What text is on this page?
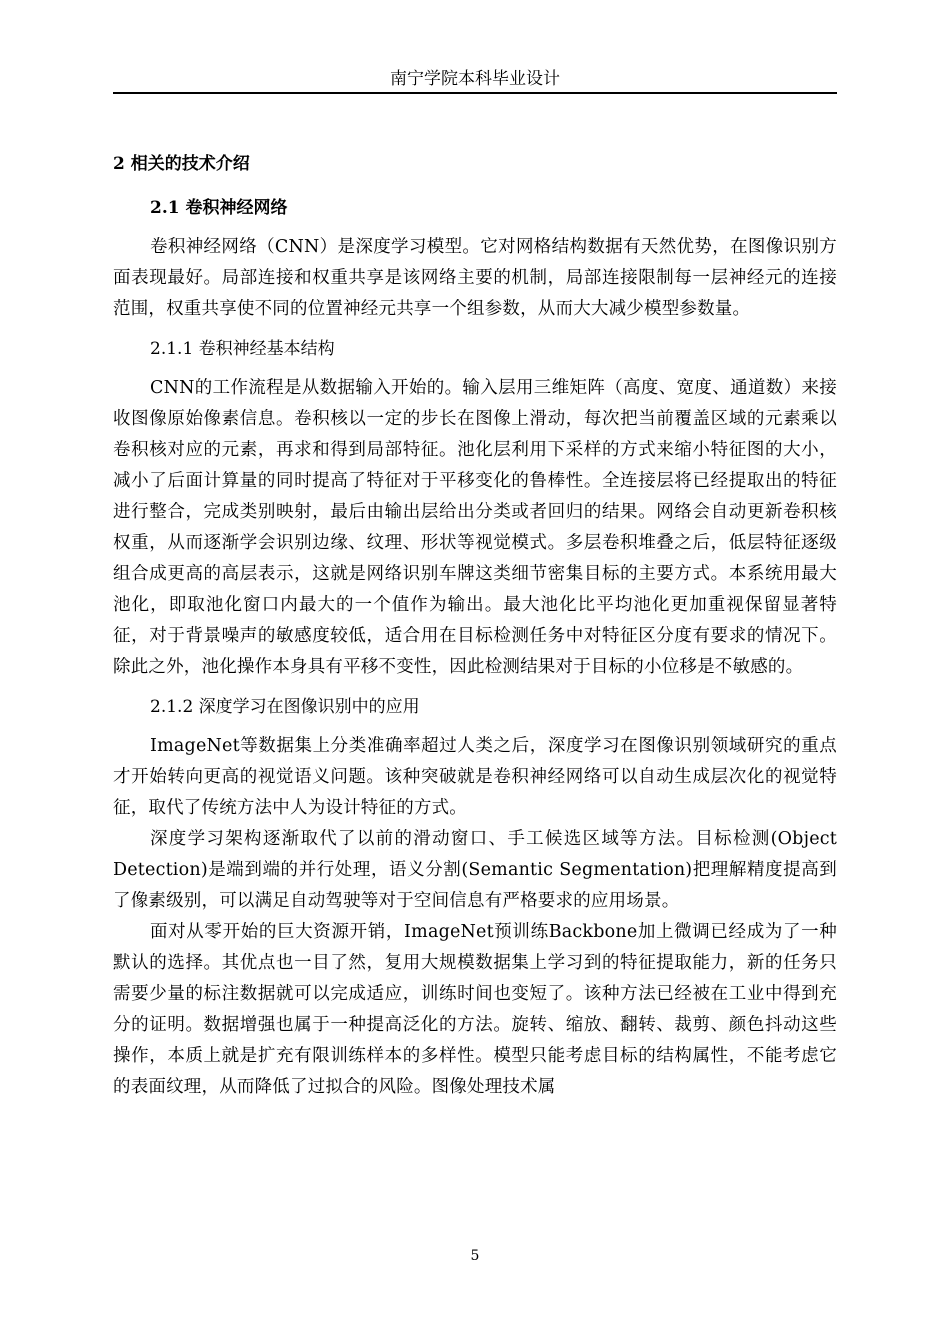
南宁学院本科毕业设计
2 相关的技术介绍
2.1 卷积神经网络

卷积神经网络（CNN）是深度学习模型。它对网格结构数据有天然优势，在图像识别方面表现最好。局部连接和权重共享是该网络主要的机制，局部连接限制每一层神经元的连接范围，权重共享使不同的位置神经元共享一个组参数，从而大大减少模型参数量。

2.1.1 卷积神经基本结构

CNN的工作流程是从数据输入开始的。输入层用三维矩阵（高度、宽度、通道数）来接收图像原始像素信息。卷积核以一定的步长在图像上滑动，每次把当前覆盖区域的元素乘以卷积核对应的元素，再求和得到局部特征。池化层利用下采样的方式来缩小特征图的大小，减小了后面计算量的同时提高了特征对于平移变化的鲁棒性。全连接层将已经提取出的特征进行整合，完成类别映射，最后由输出层给出分类或者回归的结果。网络会自动更新卷积核权重，从而逐渐学会识别边缘、纹理、形状等视觉模式。多层卷积堆叠之后，低层特征逐级组合成更高的高层表示，这就是网络识别车牌这类细节密集目标的主要方式。本系统用最大池化，即取池化窗口内最大的一个值作为输出。最大池化比平均池化更加重视保留显著特征，对于背景噪声的敏感度较低，适合用在目标检测任务中对特征区分度有要求的情况下。除此之外，池化操作本身具有平移不变性，因此检测结果对于目标的小位移是不敏感的。

2.1.2 深度学习在图像识别中的应用

ImageNet等数据集上分类准确率超过人类之后，深度学习在图像识别领域研究的重点才开始转向更高的视觉语义问题。该种突破就是卷积神经网络可以自动生成层次化的视觉特征，取代了传统方法中人为设计特征的方式。

深度学习架构逐渐取代了以前的滑动窗口、手工候选区域等方法。目标检测(Object Detection)是端到端的并行处理，语义分割(Semantic Segmentation)把理解精度提高到了像素级别，可以满足自动驾驶等对于空间信息有严格要求的应用场景。

面对从零开始的巨大资源开销，ImageNet预训练Backbone加上微调已经成为了一种默认的选择。其优点也一目了然，复用大规模数据集上学习到的特征提取能力，新的任务只需要少量的标注数据就可以完成适应，训练时间也变短了。该种方法已经被在工业中得到充分的证明。数据增强也属于一种提高泛化的方法。旋转、缩放、翻转、裁剪、颜色抖动这些操作，本质上就是扩充有限训练样本的多样性。模型只能考虑目标的结构属性，不能考虑它的表面纹理，从而降低了过拟合的风险。图像处理技术属

5
